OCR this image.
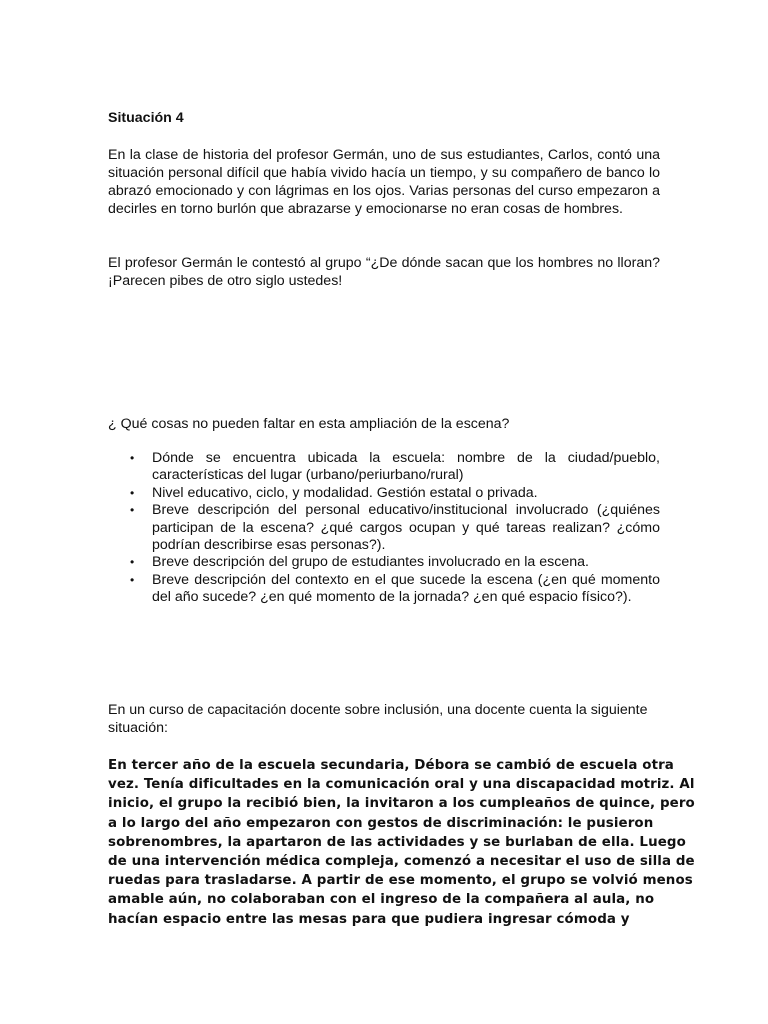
Situación 4
En la clase de historia del profesor Germán, uno de sus estudiantes, Carlos, contó una situación personal difícil que había vivido hacía un tiempo, y su compañero de banco lo abrazó emocionado y con lágrimas en los ojos. Varias personas del curso empezaron a decirles en torno burlón que abrazarse y emocionarse no eran cosas de hombres.
El profesor Germán le contestó al grupo “¿De dónde sacan que los hombres no lloran? ¡Parecen pibes de otro siglo ustedes!
¿ Qué cosas no pueden faltar en esta ampliación de la escena?
• Dónde se encuentra ubicada la escuela: nombre de la ciudad/pueblo, características del lugar (urbano/periurbano/rural)
• Nivel educativo, ciclo, y modalidad. Gestión estatal o privada.
• Breve descripción del personal educativo/institucional involucrado (¿quiénes participan de la escena? ¿qué cargos ocupan y qué tareas realizan? ¿cómo podrían describirse esas personas?).
• Breve descripción del grupo de estudiantes involucrado en la escena.
• Breve descripción del contexto en el que sucede la escena (¿en qué momento del año sucede? ¿en qué momento de la jornada? ¿en qué espacio físico?).
En un curso de capacitación docente sobre inclusión, una docente cuenta la siguiente situación:
En tercer año de la escuela secundaria, Débora se cambió de escuela otra
vez. Tenía dificultades en la comunicación oral y una discapacidad motriz. Al
inicio, el grupo la recibió bien, la invitaron a los cumpleaños de quince, pero
a lo largo del año empezaron con gestos de discriminación: le pusieron
sobrenombres, la apartaron de las actividades y se burlaban de ella. Luego
de una intervención médica compleja, comenzó a necesitar el uso de silla de
ruedas para trasladarse. A partir de ese momento, el grupo se volvió menos
amable aún, no colaboraban con el ingreso de la compañera al aula, no
hacían espacio entre las mesas para que pudiera ingresar cómoda y
